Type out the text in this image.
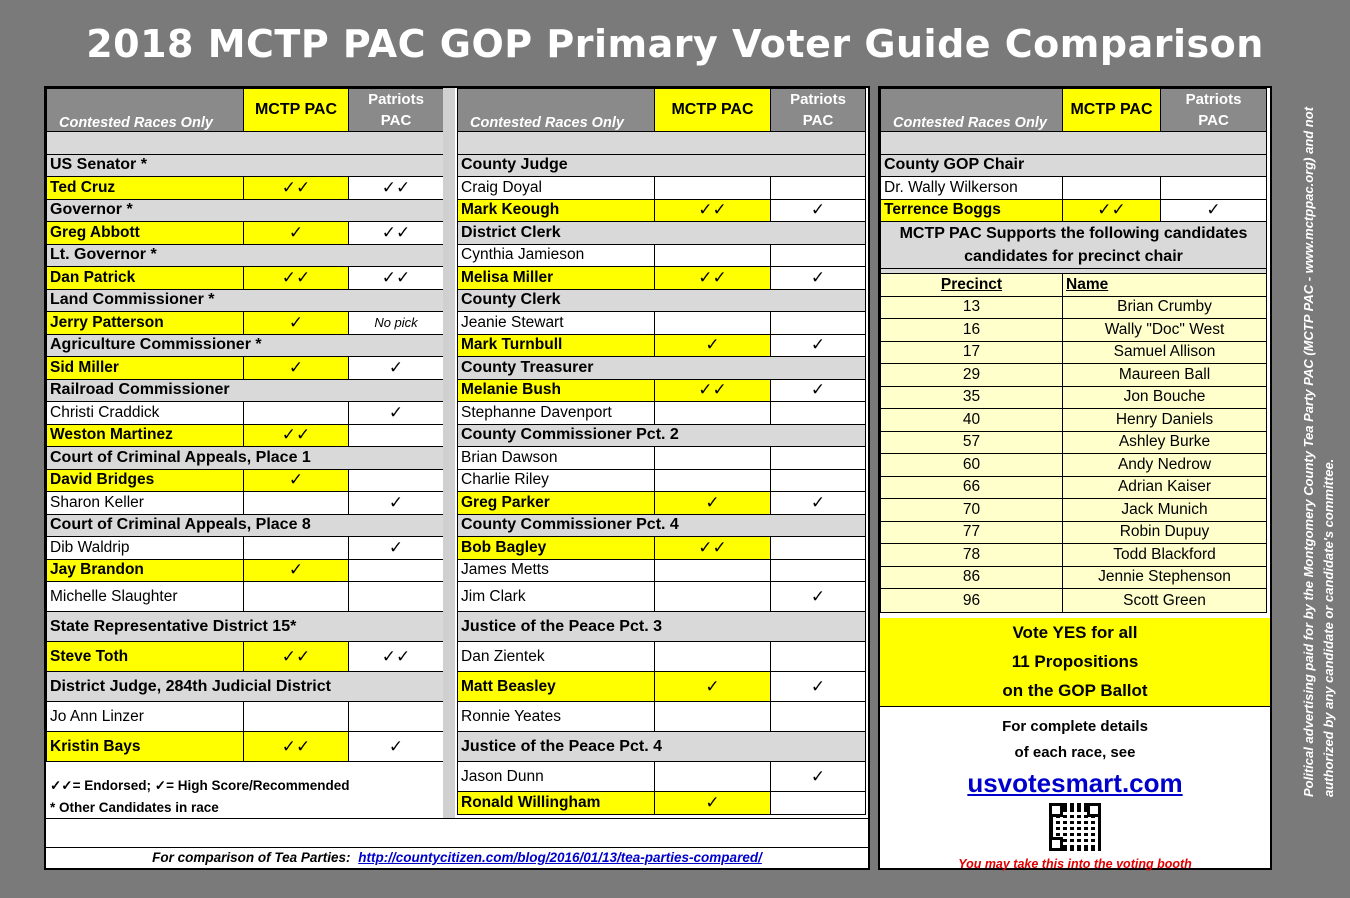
2018 MCTP PAC GOP Primary Voter Guide Comparison
Contested Races Only	MCTP PAC	Patriots
PAC

US Senator *		
Ted Cruz	✓✓	✓✓
Governor *		
Greg Abbott	✓	✓✓
Lt. Governor *		
Dan Patrick	✓✓	✓✓
Land Commissioner *		
Jerry Patterson	✓	No pick
Agriculture Commissioner *		
Sid Miller	✓	✓
Railroad Commissioner		
Christi Craddick		✓
Weston Martinez	✓✓	
Court of Criminal Appeals, Place 1		
David Bridges	✓	
Sharon Keller		✓
Court of Criminal Appeals, Place 8		
Dib Waldrip		✓
Jay Brandon	✓	
Michelle Slaughter		
State Representative District 15*		
Steve Toth	✓✓	✓✓
District Judge, 284th Judicial District		
Jo Ann Linzer		
Kristin Bays	✓✓	✓
Contested Races Only	MCTP PAC	Patriots
PAC

County Judge		
Craig Doyal		
Mark Keough	✓✓	✓
District Clerk		
Cynthia Jamieson		
Melisa Miller	✓✓	✓
County Clerk		
Jeanie Stewart		
Mark Turnbull	✓	✓
County Treasurer		
Melanie Bush	✓✓	✓
Stephanne Davenport		
County Commissioner Pct. 2		
Brian Dawson		
Charlie Riley		
Greg Parker	✓	✓
County Commissioner Pct. 4		
Bob Bagley	✓✓	
James Metts		
Jim Clark		✓
Justice of the Peace Pct. 3		
Dan Zientek		
Matt Beasley	✓	✓
Ronnie Yeates		
Justice of the Peace Pct. 4		
Jason Dunn		✓
Ronald Willingham	✓	
✓✓= Endorsed; ✓= High Score/Recommended
* Other Candidates in race
For comparison of Tea Parties: http://countycitizen.com/blog/2016/01/13/tea-parties-compared/
Contested Races Only	MCTP PAC	Patriots
PAC

County GOP Chair		
Dr. Wally Wilkerson		
Terrence Boggs	✓✓	✓

MCTP PAC Supports the following candidates
candidates for precinct chair		

Precinct	Name	
13	Brian Crumby	
16	Wally "Doc" West	
17	Samuel Allison	
29	Maureen Ball	
35	Jon Bouche	
40	Henry Daniels	
57	Ashley Burke	
60	Andy Nedrow	
66	Adrian Kaiser	
70	Jack Munich	
77	Robin Dupuy	
78	Todd Blackford	
86	Jennie Stephenson	
96	Scott Green	
Vote YES for all
11 Propositions
on the GOP Ballot
For complete details
of each race, see
usvotesmart.com
You may take this into the voting booth
Political advertising paid for by the Montgomery County Tea Party PAC (MCTP PAC - www.mctppac.org) and not authorized by any candidate or candidate's committee.
